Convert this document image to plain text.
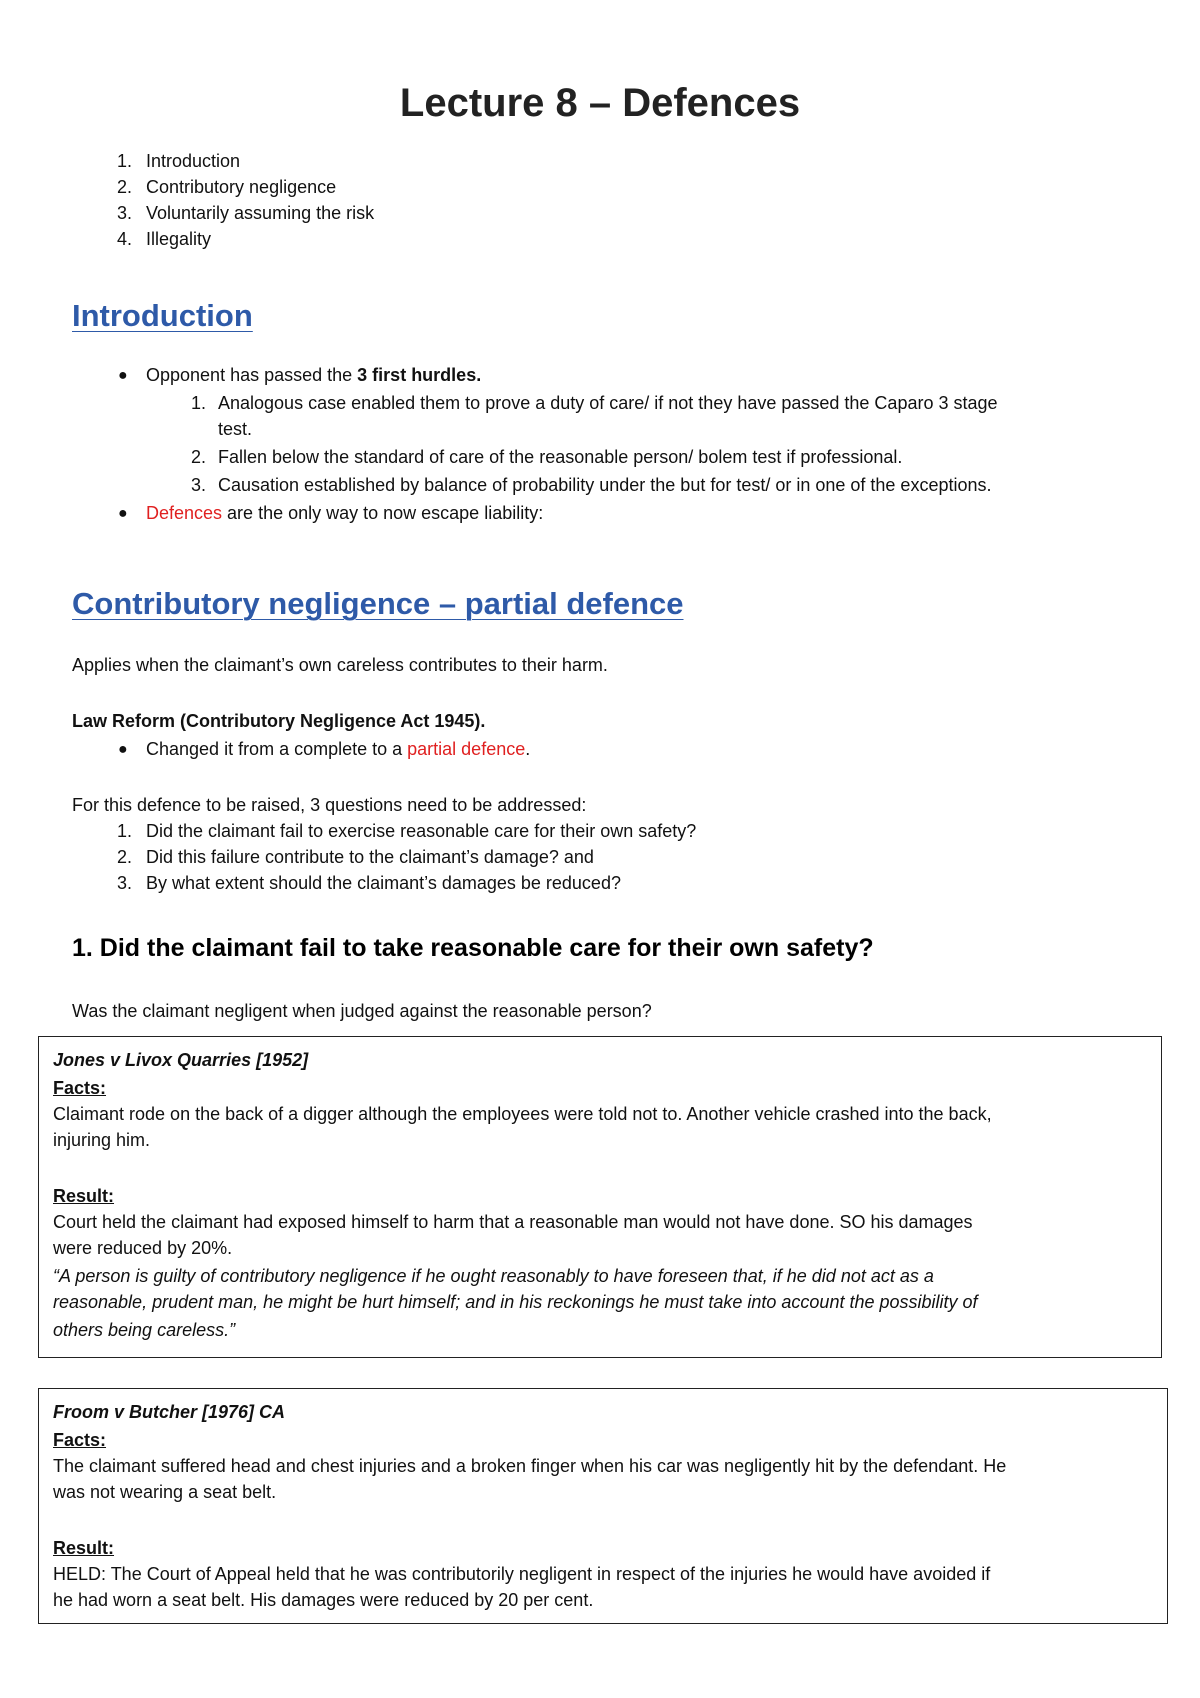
Lecture 8 – Defences
1. Introduction
2. Contributory negligence
3. Voluntarily assuming the risk
4. Illegality
Introduction
● Opponent has passed the 3 first hurdles.
1. Analogous case enabled them to prove a duty of care/ if not they have passed the Caparo 3 stage
test.
2. Fallen below the standard of care of the reasonable person/ bolem test if professional.
3. Causation established by balance of probability under the but for test/ or in one of the exceptions.
● Defences are the only way to now escape liability:
Contributory negligence – partial defence
Applies when the claimant’s own careless contributes to their harm.
Law Reform (Contributory Negligence Act 1945).
● Changed it from a complete to a partial defence.
For this defence to be raised, 3 questions need to be addressed:
1. Did the claimant fail to exercise reasonable care for their own safety?
2. Did this failure contribute to the claimant’s damage? and
3. By what extent should the claimant’s damages be reduced?
1. Did the claimant fail to take reasonable care for their own safety?
Was the claimant negligent when judged against the reasonable person?
Jones v Livox Quarries [1952]
Facts:
Claimant rode on the back of a digger although the employees were told not to. Another vehicle crashed into the back,
injuring him.
Result:
Court held the claimant had exposed himself to harm that a reasonable man would not have done. SO his damages
were reduced by 20%.
“A person is guilty of contributory negligence if he ought reasonably to have foreseen that, if he did not act as a
reasonable, prudent man, he might be hurt himself; and in his reckonings he must take into account the possibility of
others being careless.”
Froom v Butcher [1976] CA
Facts:
The claimant suffered head and chest injuries and a broken finger when his car was negligently hit by the defendant. He
was not wearing a seat belt.
Result:
HELD: The Court of Appeal held that he was contributorily negligent in respect of the injuries he would have avoided if
he had worn a seat belt. His damages were reduced by 20 per cent.
